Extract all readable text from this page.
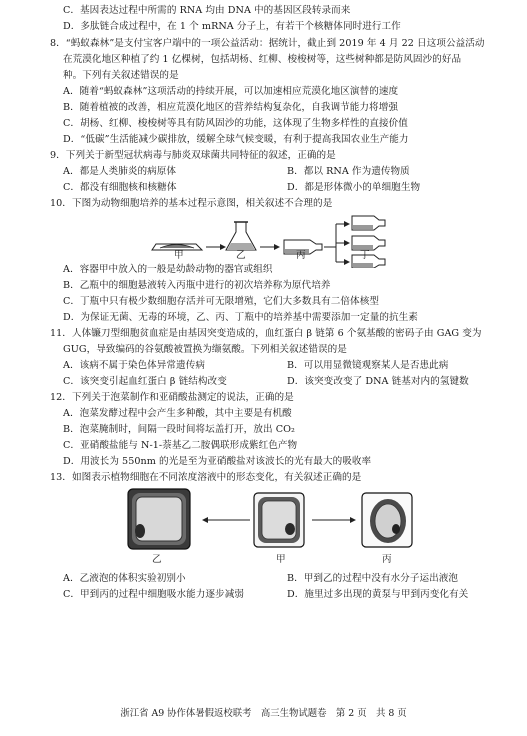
C．基因表达过程中所需的 RNA 均由 DNA 中的基因区段转录而来
D．多肽链合成过程中，在 1 个 mRNA 分子上，有若干个核糖体同时进行工作
8．“蚂蚁森林”是支付宝客户端中的一项公益活动：据统计，截止到 2019 年 4 月 22 日这项公益活动
在荒漠化地区种植了约 1 亿棵树，包括胡杨、红柳、梭梭树等，这些树种都是防风固沙的好品
种。下列有关叙述错误的是
A．随着“蚂蚁森林”这项活动的持续开展，可以加速相应荒漠化地区演替的速度
B．随着植被的改善，相应荒漠化地区的营养结构复杂化，自我调节能力将增强
C．胡杨、红柳、梭梭树等具有防风固沙的功能，这体现了生物多样性的直接价值
D．“低碳”生活能减少碳排放，缓解全球气候变暖，有利于提高我国农业生产能力
9．下列关于新型冠状病毒与肺炎双球菌共同特征的叙述，正确的是
A．都是人类肺炎的病原体	B．都以 RNA 作为遗传物质
C．都没有细胞核和核糖体	D．都是形体微小的单细胞生物
10．下图为动物细胞培养的基本过程示意图，相关叙述不合理的是
甲	乙	丙	丁
A．容器甲中放入的一般是幼龄动物的器官或组织
B．乙瓶中的细胞悬液转入丙瓶中进行的初次培养称为原代培养
C．丁瓶中只有极少数细胞存活并可无限增殖，它们大多数具有二倍体核型
D．为保证无菌、无毒的环境，乙、丙、丁瓶中的培养基中需要添加一定量的抗生素
11．人体镰刀型细胞贫血症是由基因突变造成的，血红蛋白 β 链第 6 个氨基酸的密码子由 GAG 变为
GUG，导致编码的谷氨酸被置换为缬氨酸。下列相关叙述错误的是
A．该病不属于染色体异常遗传病	B．可以用显微镜观察某人是否患此病
C．该突变引起血红蛋白 β 链结构改变	D．该突变改变了 DNA 链基对内的氢键数
12．下列关于泡菜制作和亚硝酸盐测定的说法，正确的是
A．泡菜发酵过程中会产生多种酸，其中主要是有机酸
B．泡菜腌制时，间隔一段时间将坛盖打开，放出 CO₂
C．亚硝酸盐能与 N-1-萘基乙二胺偶联形成紫红色产物
D．用波长为 550nm 的光是至为亚硝酸盐对该波长的光有最大的吸收率
13．如图表示植物细胞在不同浓度溶液中的形态变化，有关叙述正确的是
乙	甲	丙
A．乙液泡的体积实验初别小	B．甲到乙的过程中没有水分子运出液泡
C．甲到丙的过程中细胞吸水能力逐步减弱	D．施里过多出现的黄泵与甲到丙变化有关
浙江省 A9 协作体暑假返校联考　高三生物试题卷　第 2 页　共 8 页
